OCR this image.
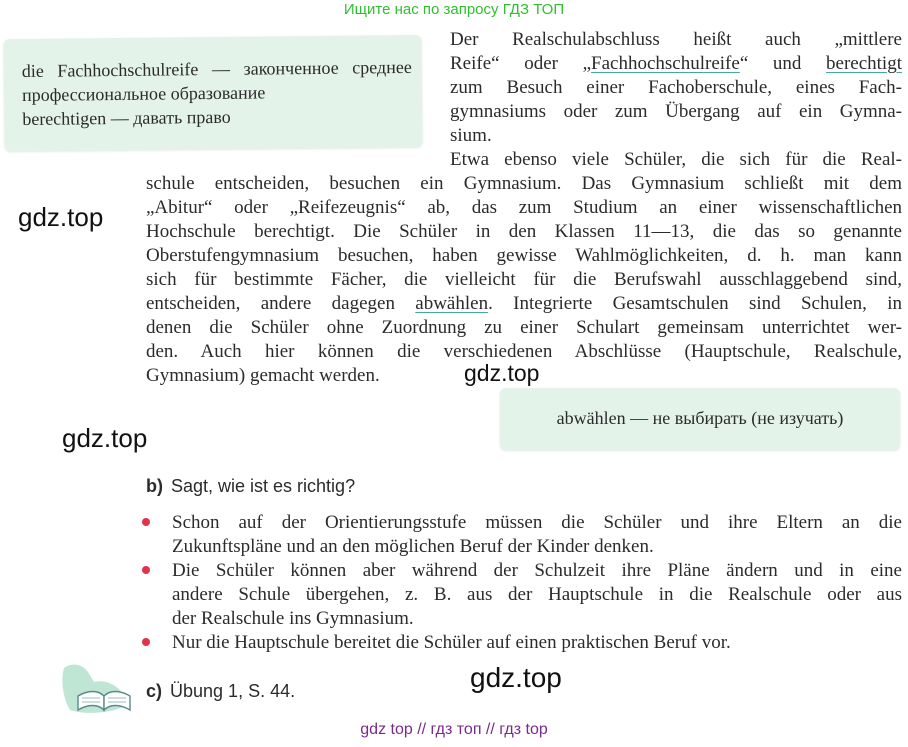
Ищите нас по запросу ГДЗ ТОП
die Fachhochschulreife — законченное среднее профессиональное образование
berechtigen — давать право
Der Realschulabschluss heißt auch „mittlere
Reife“ oder „Fachhochschulreife“ und berechtigt
zum Besuch einer Fachoberschule, eines Fach-
gymnasiums oder zum Übergang auf ein Gymna-
sium.
Etwa ebenso viele Schüler, die sich für die Real-
schule entscheiden, besuchen ein Gymnasium. Das Gymnasium schließt mit dem
„Abitur“ oder „Reifezeugnis“ ab, das zum Studium an einer wissenschaftlichen
Hochschule berechtigt. Die Schüler in den Klassen 11—13, die das so genannte
Oberstufengymnasium besuchen, haben gewisse Wahlmöglichkeiten, d. h. man kann
sich für bestimmte Fächer, die vielleicht für die Berufswahl ausschlaggebend sind,
entscheiden, andere dagegen abwählen. Integrierte Gesamtschulen sind Schulen, in
denen die Schüler ohne Zuordnung zu einer Schulart gemeinsam unterrichtet wer-
den. Auch hier können die verschiedenen Abschlüsse (Hauptschule, Realschule,
Gymnasium) gemacht werden.
abwählen — не выбирать (не изучать)
gdz.top
gdz.top
gdz.top
gdz.top
b) Sagt, wie ist es richtig?
Schon auf der Orientierungsstufe müssen die Schüler und ihre Eltern an die
Zukunftspläne und an den möglichen Beruf der Kinder denken.
Die Schüler können aber während der Schulzeit ihre Pläne ändern und in eine
andere Schule übergehen, z. B. aus der Hauptschule in die Realschule oder aus
der Realschule ins Gymnasium.
Nur die Hauptschule bereitet die Schüler auf einen praktischen Beruf vor.
c) Übung 1, S. 44.
gdz top // гдз топ // гдз top
